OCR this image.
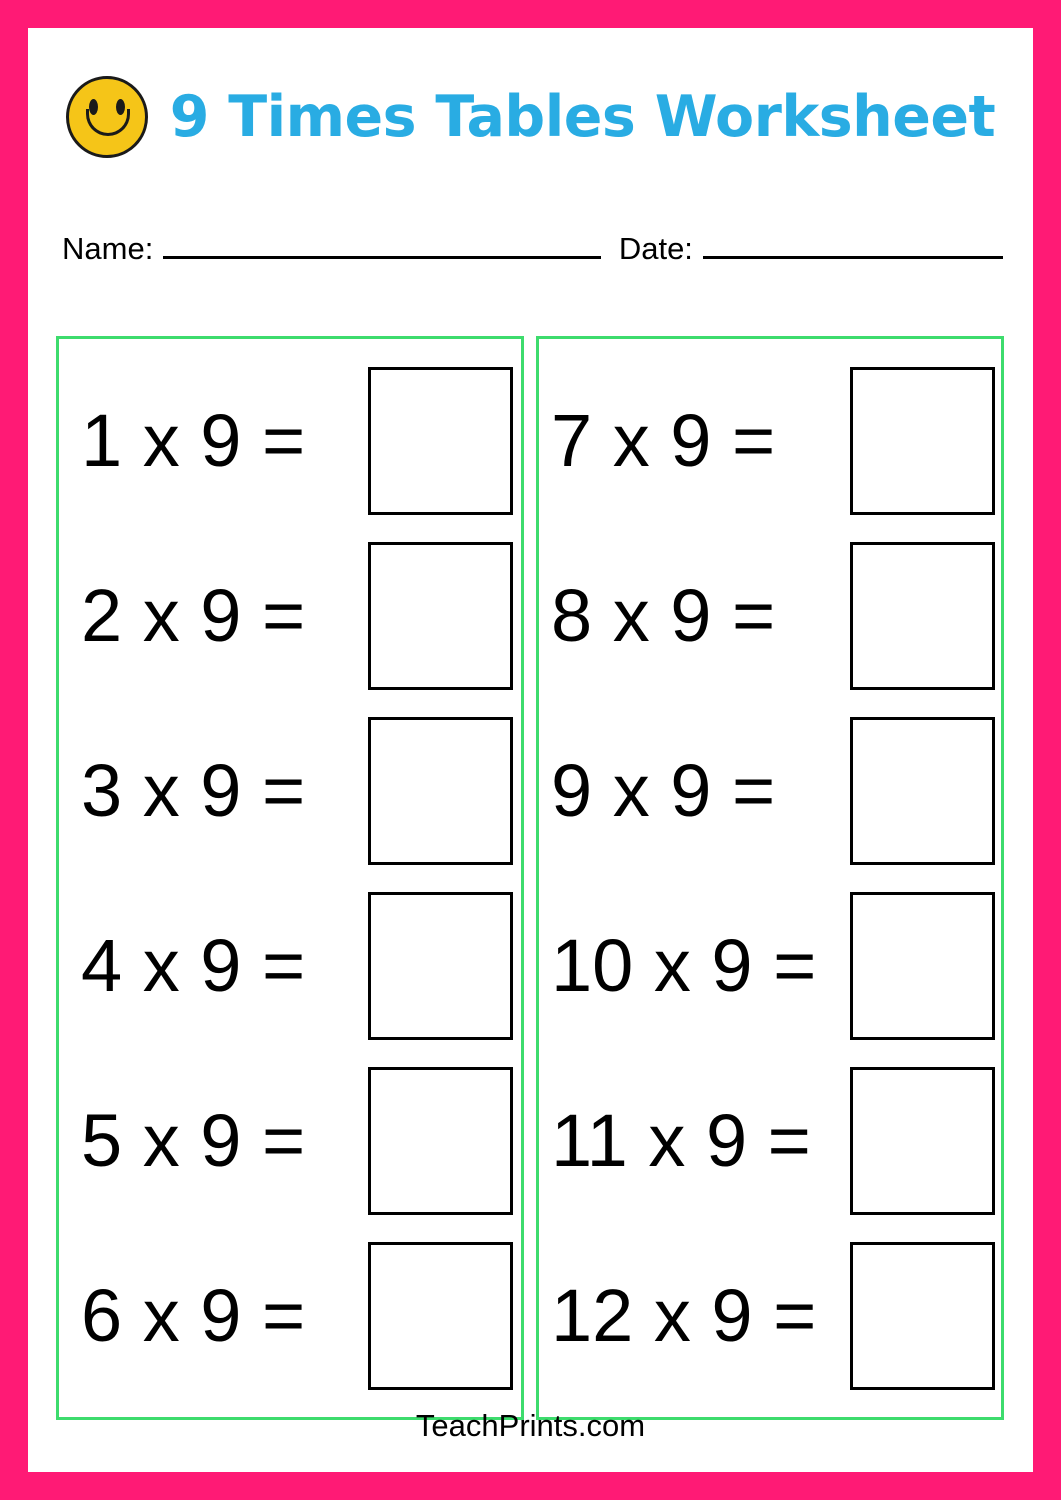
9 Times Tables Worksheet
Name:	Date:
1 x 9 =
2 x 9 =
3 x 9 =
4 x 9 =
5 x 9 =
6 x 9 =
7 x 9 =
8 x 9 =
9 x 9 =
10 x 9 =
11 x 9 =
12 x 9 =
TeachPrints.com
